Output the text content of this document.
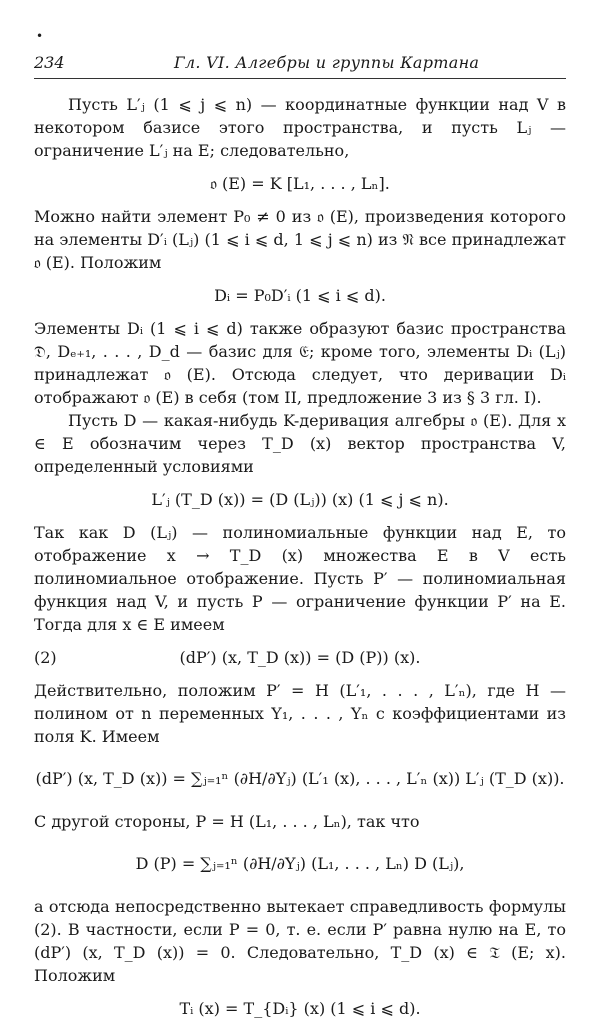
•
234	Гл. VI. Алгебры и группы Картана

Пусть L′ⱼ (1 ⩽ j ⩽ n) — координатные функции над V в некотором базисе этого пространства, и пусть Lⱼ — ограничение L′ⱼ на E; следовательно,

𝔬 (E) = K [L₁, . . . , Lₙ].

Можно найти элемент P₀ ≠ 0 из 𝔬 (E), произведения которого на элементы D′ᵢ (Lⱼ) (1 ⩽ i ⩽ d, 1 ⩽ j ⩽ n) из 𝔑 все принадлежат 𝔬 (E). Положим

Dᵢ = P₀D′ᵢ (1 ⩽ i ⩽ d).

Элементы Dᵢ (1 ⩽ i ⩽ d) также образуют базис пространства 𝔇, Dₑ₊₁, . . . , D_d — базис для 𝔈; кроме того, элементы Dᵢ (Lⱼ) принадлежат 𝔬 (E). Отсюда следует, что деривации Dᵢ отображают 𝔬 (E) в себя (том II, предложение 3 из § 3 гл. I).

Пусть D — какая-нибудь K-деривация алгебры 𝔬 (E). Для x ∈ E обозначим через T_D (x) вектор пространства V, определенный условиями

L′ⱼ (T_D (x)) = (D (Lⱼ)) (x) (1 ⩽ j ⩽ n).

Так как D (Lⱼ) — полиномиальные функции над E, то отображение x → T_D (x) множества E в V есть полиномиальное отображение. Пусть P′ — полиномиальная функция над V, и пусть P — ограничение функции P′ на E. Тогда для x ∈ E имеем

(2)	(dP′) (x, T_D (x)) = (D (P)) (x).

Действительно, положим P′ = H (L′₁, . . . , L′ₙ), где H — полином от n переменных Y₁, . . . , Yₙ с коэффициентами из поля K. Имеем

(dP′) (x, T_D (x)) = ∑ⱼ₌₁ⁿ (∂H/∂Yⱼ) (L′₁ (x), . . . , L′ₙ (x)) L′ⱼ (T_D (x)).

С другой стороны, P = H (L₁, . . . , Lₙ), так что

D (P) = ∑ⱼ₌₁ⁿ (∂H/∂Yⱼ) (L₁, . . . , Lₙ) D (Lⱼ),

а отсюда непосредственно вытекает справедливость формулы (2). В частности, если P = 0, т. е. если P′ равна нулю на E, то (dP′) (x, T_D (x)) = 0. Следовательно, T_D (x) ∈ 𝔗 (E; x). Положим

Tᵢ (x) = T_{Dᵢ} (x) (1 ⩽ i ⩽ d).
